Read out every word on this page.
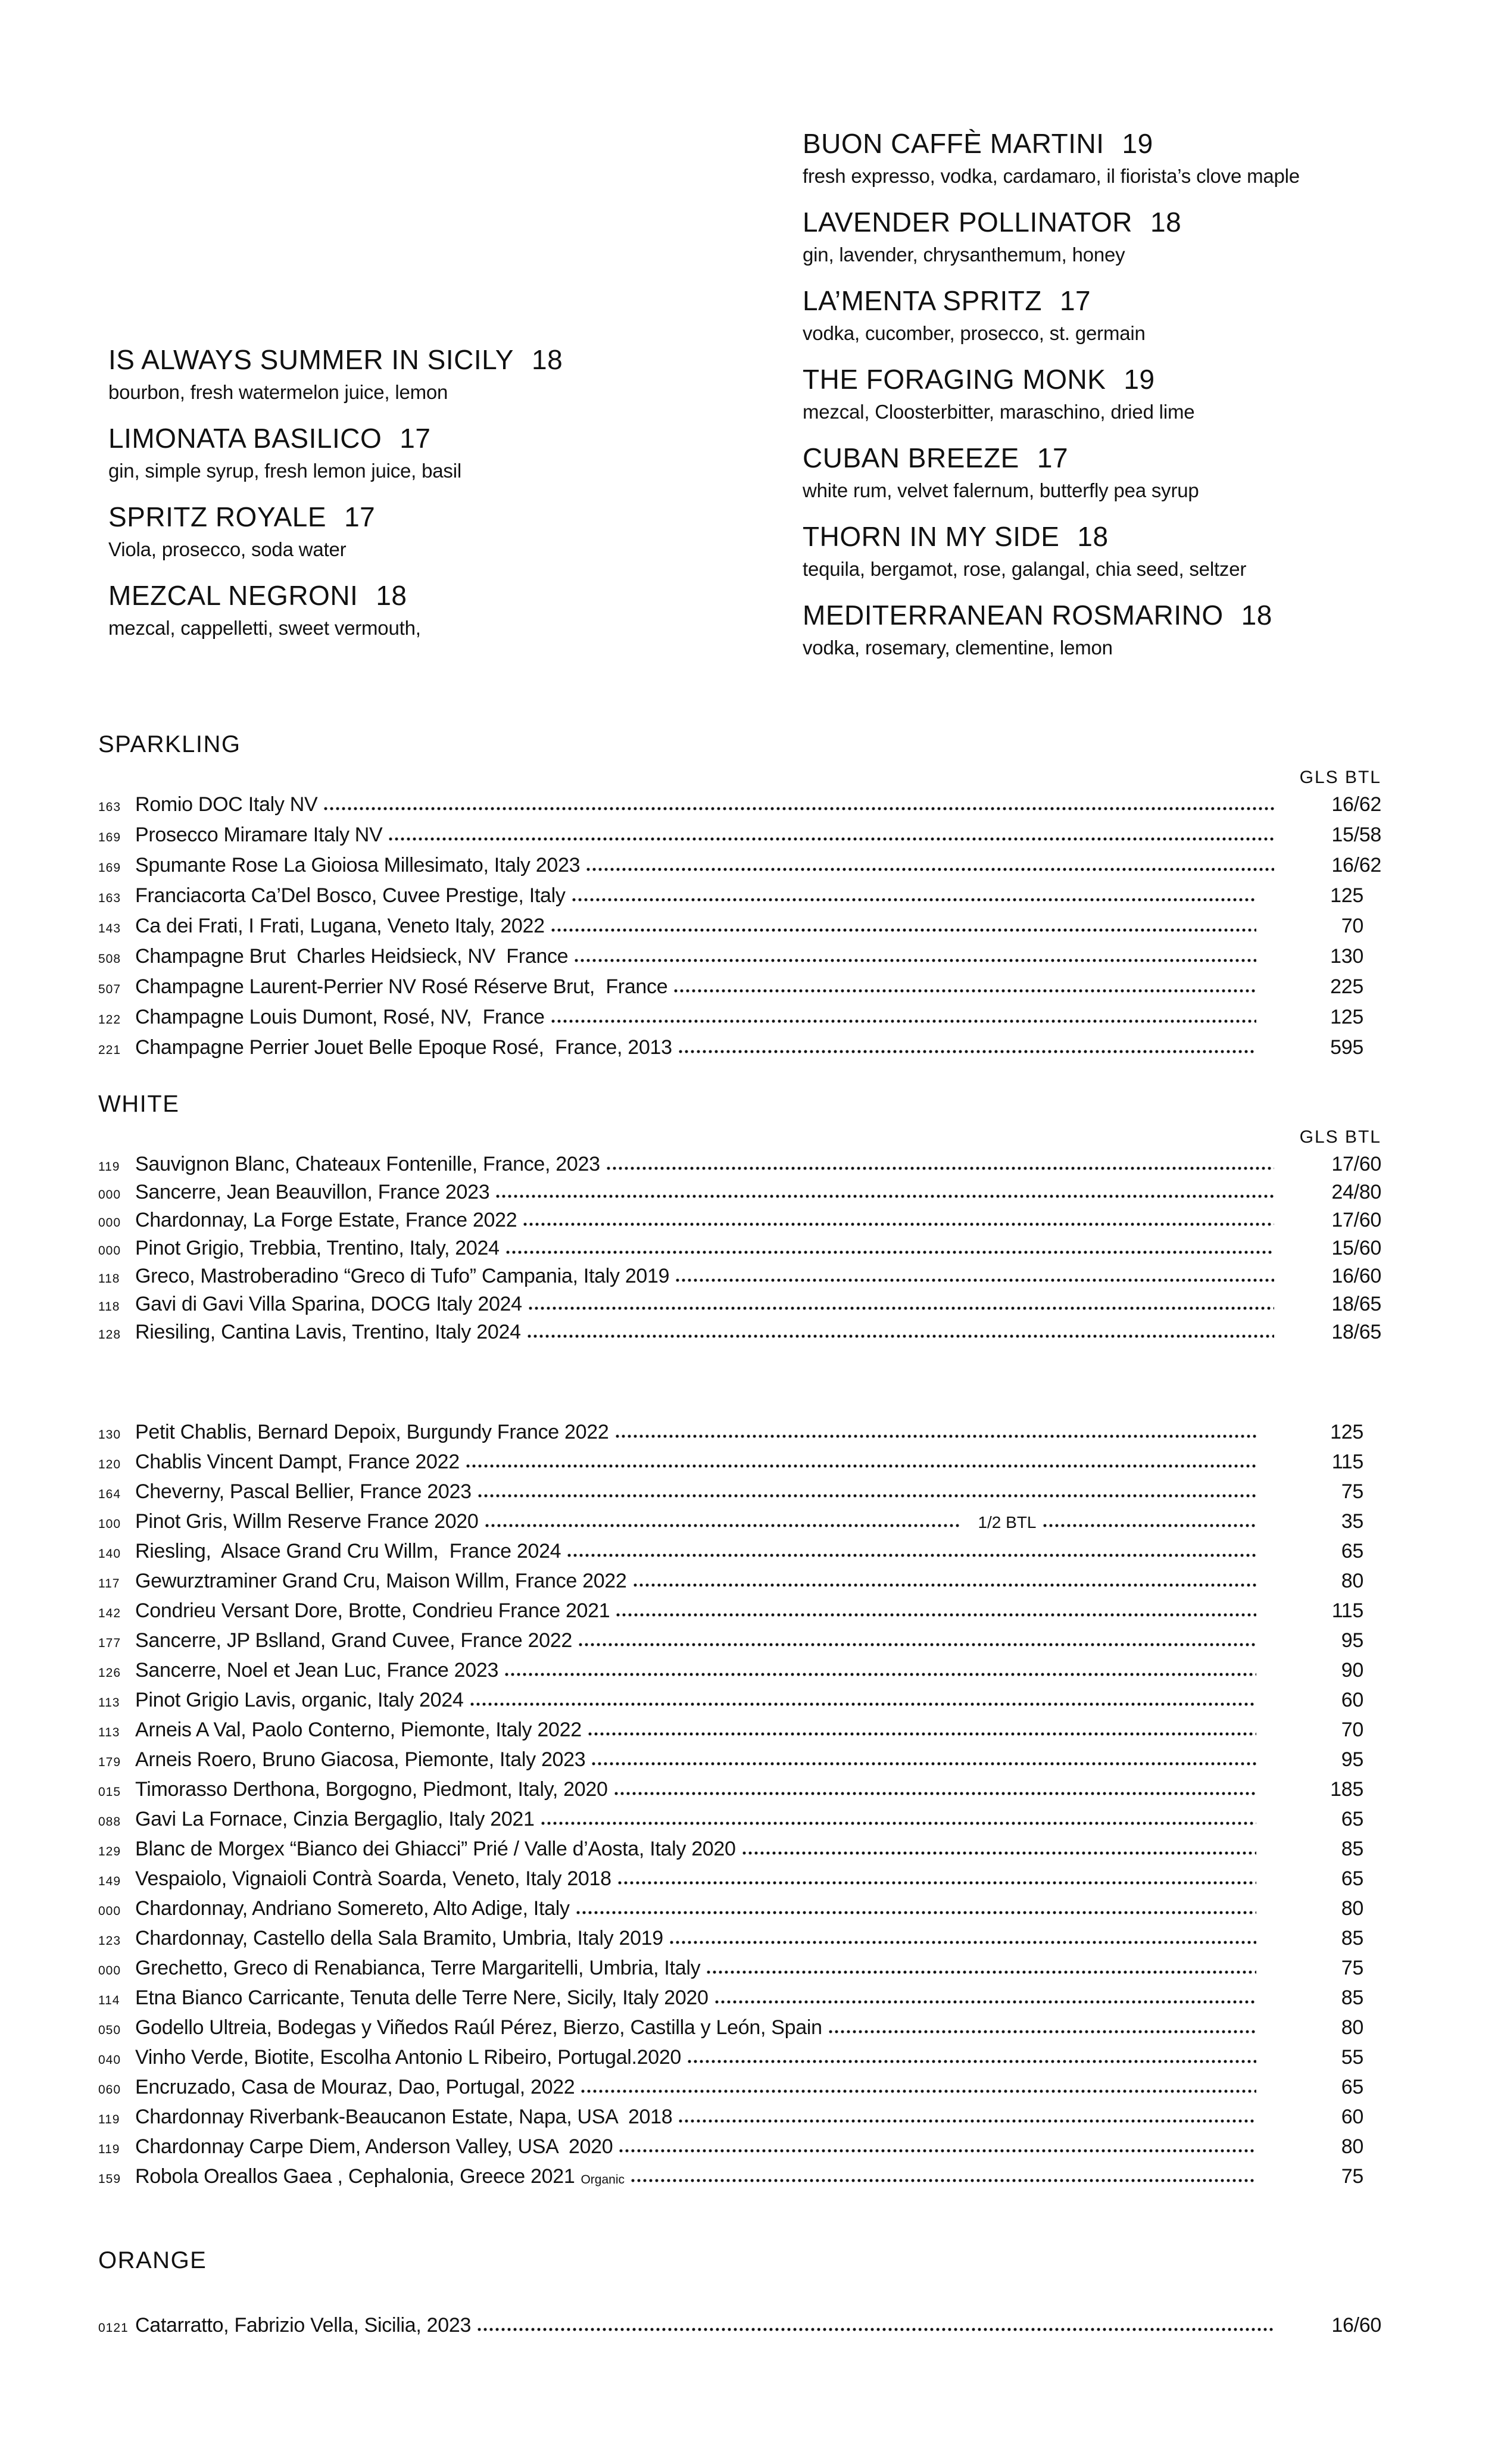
IS ALWAYS SUMMER IN SICILY 18
bourbon, fresh watermelon juice, lemon
LIMONATA BASILICO 17
gin, simple syrup, fresh lemon juice, basil
SPRITZ ROYALE 17
Viola, prosecco, soda water
MEZCAL NEGRONI 18
mezcal, cappelletti, sweet vermouth,
BUON CAFFÈ MARTINI 19
fresh expresso, vodka, cardamaro, il fiorista’s clove maple
LAVENDER POLLINATOR 18
gin, lavender, chrysanthemum, honey
LA’MENTA SPRITZ 17
vodka, cucomber, prosecco, st. germain
THE FORAGING MONK 19
mezcal, Cloosterbitter, maraschino, dried lime
CUBAN BREEZE 17
white rum, velvet falernum, butterfly pea syrup
THORN IN MY SIDE 18
tequila, bergamot, rose, galangal, chia seed, seltzer
MEDITERRANEAN ROSMARINO 18
vodka, rosemary, clementine, lemon
SPARKLING
GLS BTL
163 Romio DOC Italy NV	16/62
169 Prosecco Miramare Italy NV	15/58
169 Spumante Rose La Gioiosa Millesimato, Italy 2023	16/62
163 Franciacorta Ca’Del Bosco, Cuvee Prestige, Italy	125
143 Ca dei Frati, I Frati, Lugana, Veneto Italy, 2022	70
508 Champagne Brut  Charles Heidsieck, NV  France	130
507 Champagne Laurent-Perrier NV Rosé Réserve Brut,  France	225
122 Champagne Louis Dumont, Rosé, NV,  France	125
221 Champagne Perrier Jouet Belle Epoque Rosé,  France, 2013	595
WHITE
GLS BTL
119 Sauvignon Blanc, Chateaux Fontenille, France, 2023	17/60
000 Sancerre, Jean Beauvillon, France 2023	24/80
000 Chardonnay, La Forge Estate, France 2022	17/60
000 Pinot Grigio, Trebbia, Trentino, Italy, 2024	15/60
118 Greco, Mastroberadino “Greco di Tufo” Campania, Italy 2019	16/60
118 Gavi di Gavi Villa Sparina, DOCG Italy 2024	18/65
128 Riesiling, Cantina Lavis, Trentino, Italy 2024	18/65
130 Petit Chablis, Bernard Depoix, Burgundy France 2022	125
120 Chablis Vincent Dampt, France 2022	115
164 Cheverny, Pascal Bellier, France 2023	75
100 Pinot Gris, Willm Reserve France 2020	1/2 BTL	35
140 Riesling,  Alsace Grand Cru Willm,  France 2024	65
117 Gewurztraminer Grand Cru, Maison Willm, France 2022	80
142 Condrieu Versant Dore, Brotte, Condrieu France 2021	115
177 Sancerre, JP Bslland, Grand Cuvee, France 2022	95
126 Sancerre, Noel et Jean Luc, France 2023	90
113 Pinot Grigio Lavis, organic, Italy 2024	60
113 Arneis A Val, Paolo Conterno, Piemonte, Italy 2022	70
179 Arneis Roero, Bruno Giacosa, Piemonte, Italy 2023	95
015 Timorasso Derthona, Borgogno, Piedmont, Italy, 2020	185
088 Gavi La Fornace, Cinzia Bergaglio, Italy 2021	65
129 Blanc de Morgex “Bianco dei Ghiacci” Prié / Valle d’Aosta, Italy 2020	85
149 Vespaiolo, Vignaioli Contrà Soarda, Veneto, Italy 2018	65
000 Chardonnay, Andriano Somereto, Alto Adige, Italy	80
123 Chardonnay, Castello della Sala Bramito, Umbria, Italy 2019	85
000 Grechetto, Greco di Renabianca, Terre Margaritelli, Umbria, Italy	75
114 Etna Bianco Carricante, Tenuta delle Terre Nere, Sicily, Italy 2020	85
050 Godello Ultreia, Bodegas y Viñedos Raúl Pérez, Bierzo, Castilla y León, Spain	80
040 Vinho Verde, Biotite, Escolha Antonio L Ribeiro, Portugal.2020	55
060 Encruzado, Casa de Mouraz, Dao, Portugal, 2022	65
119 Chardonnay Riverbank-Beaucanon Estate, Napa, USA  2018	60
119 Chardonnay Carpe Diem, Anderson Valley, USA  2020	80
159 Robola Oreallos Gaea , Cephalonia, Greece 2021 Organic	75
ORANGE
0121 Catarratto, Fabrizio Vella, Sicilia, 2023	16/60
